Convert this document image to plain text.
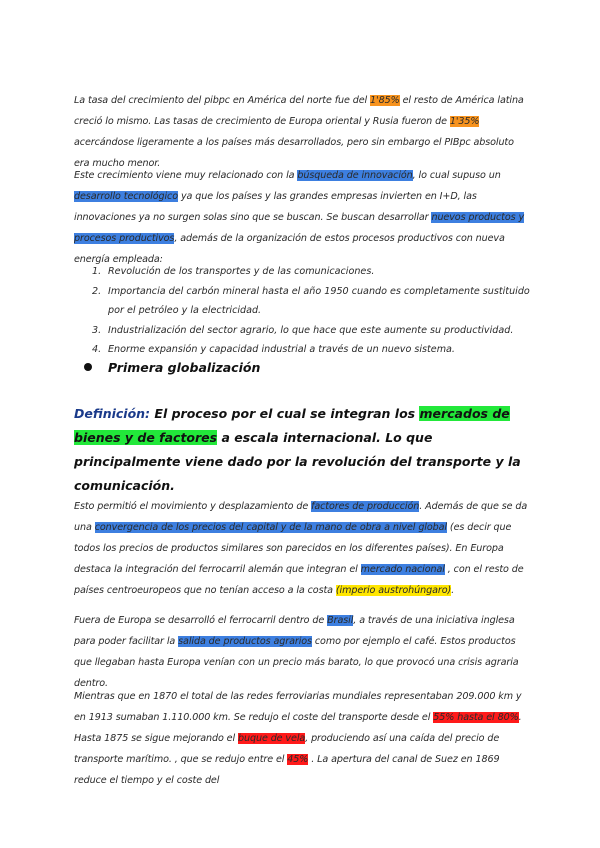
La tasa del crecimiento del pibpc en América del norte fue del 1'85% el resto de América latina creció lo mismo. Las tasas de crecimiento de Europa oriental y Rusia fueron de 1'35% acercándose ligeramente a los países más desarrollados, pero sin embargo el PIBpc absoluto era mucho menor.
Este crecimiento viene muy relacionado con la búsqueda de innovación, lo cual supuso un desarrollo tecnológico ya que los países y las grandes empresas invierten en I+D, las innovaciones ya no surgen solas sino que se buscan. Se buscan desarrollar nuevos productos y procesos productivos, además de la organización de estos procesos productivos con nueva energía empleada:
1. Revolución de los transportes y de las comunicaciones.
2. Importancia del carbón mineral hasta el año 1950 cuando es completamente sustituido por el petróleo y la electricidad.
3. Industrialización del sector agrario, lo que hace que este aumente su productividad.
4. Enorme expansión y capacidad industrial a través de un nuevo sistema.
Primera globalización
Definición: El proceso por el cual se integran los mercados de bienes y de factores a escala internacional. Lo que principalmente viene dado por la revolución del transporte y la comunicación.
Esto permitió el movimiento y desplazamiento de factores de producción. Además de que se da una convergencia de los precios del capital y de la mano de obra a nivel global (es decir que todos los precios de productos similares son parecidos en los diferentes países). En Europa destaca la integración del ferrocarril alemán que integran el mercado nacional , con el resto de países centroeuropeos que no tenían acceso a la costa (imperio austrohúngaro).
Fuera de Europa se desarrolló el ferrocarril dentro de Brasil, a través de una iniciativa inglesa para poder facilitar la salida de productos agrarios como por ejemplo el café. Estos productos que llegaban hasta Europa venían con un precio más barato, lo que provocó una crisis agraria dentro.
Mientras que en 1870 el total de las redes ferroviarias mundiales representaban 209.000 km y en 1913 sumaban 1.110.000 km. Se redujo el coste del transporte desde el 55% hasta el 80%. Hasta 1875 se sigue mejorando el buque de vela, produciendo así una caída del precio de transporte marítimo. , que se redujo entre el 45% . La apertura del canal de Suez en 1869 reduce el tiempo y el coste del
